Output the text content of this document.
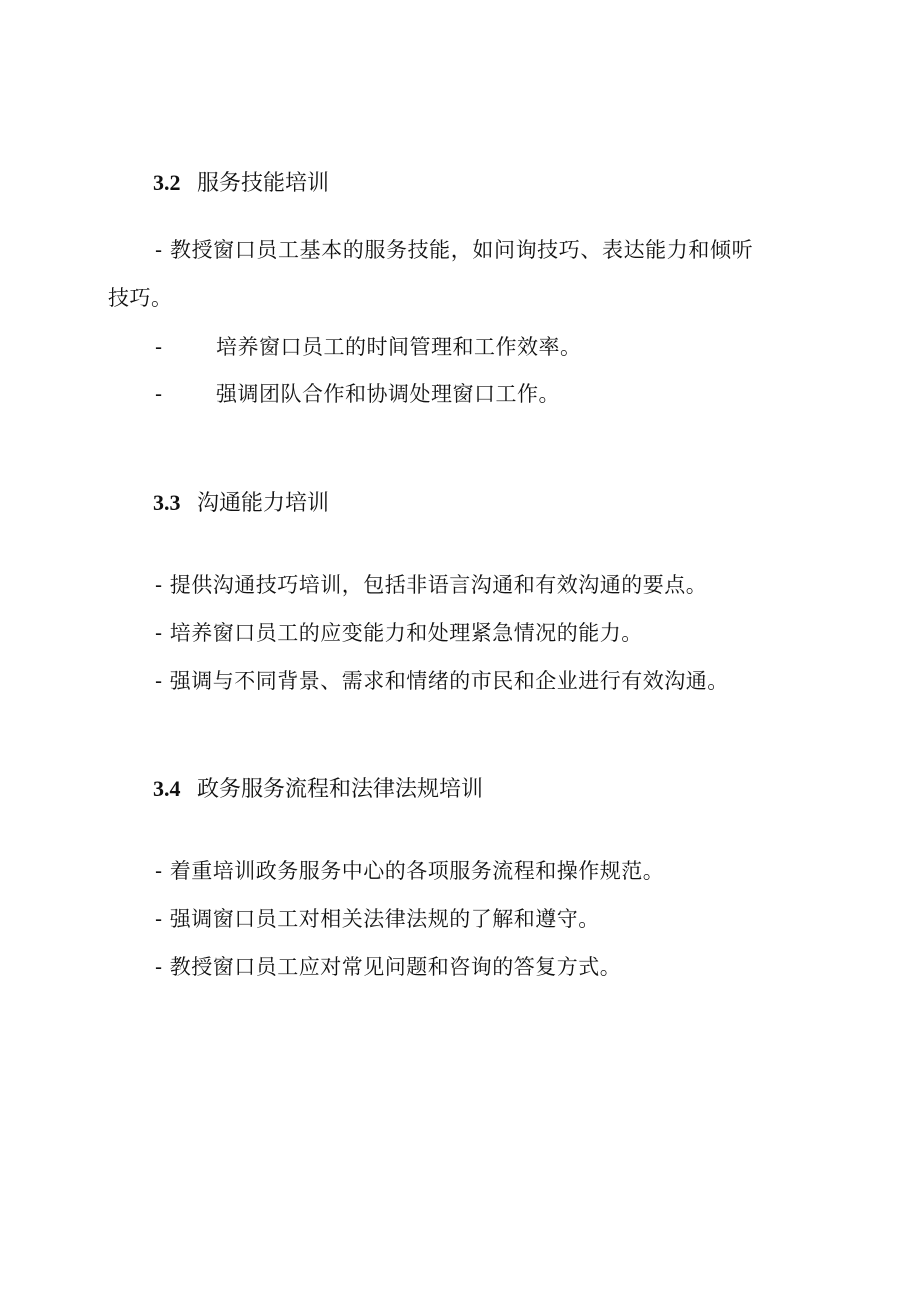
3.2 服务技能培训
- 教授窗口员工基本的服务技能，如问询技巧、表达能力和倾听
技巧。
-	培养窗口员工的时间管理和工作效率。
-	强调团队合作和协调处理窗口工作。
3.3 沟通能力培训
- 提供沟通技巧培训，包括非语言沟通和有效沟通的要点。
- 培养窗口员工的应变能力和处理紧急情况的能力。
- 强调与不同背景、需求和情绪的市民和企业进行有效沟通。
3.4 政务服务流程和法律法规培训
- 着重培训政务服务中心的各项服务流程和操作规范。
- 强调窗口员工对相关法律法规的了解和遵守。
- 教授窗口员工应对常见问题和咨询的答复方式。
